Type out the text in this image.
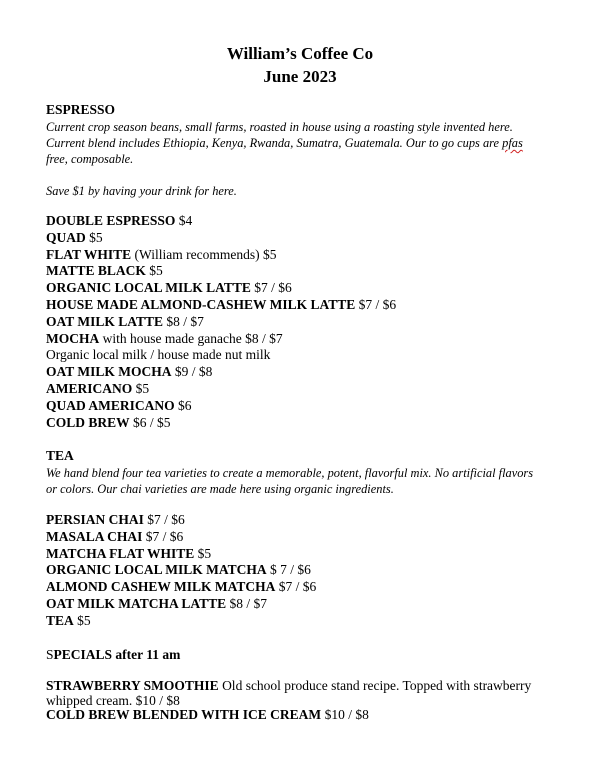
William’s Coffee Co
June 2023
ESPRESSO
Current crop season beans, small farms, roasted in house using a roasting style invented here. Current blend includes Ethiopia, Kenya, Rwanda, Sumatra, Guatemala. Our to go cups are pfas free, composable.
Save $1 by having your drink for here.
DOUBLE ESPRESSO $4
QUAD $5
FLAT WHITE (William recommends) $5
MATTE BLACK $5
ORGANIC LOCAL MILK LATTE $7 / $6
HOUSE MADE ALMOND-CASHEW MILK LATTE $7 / $6
OAT MILK LATTE $8 / $7
MOCHA with house made ganache $8 / $7
Organic local milk / house made nut milk
OAT MILK MOCHA $9 / $8
AMERICANO $5
QUAD AMERICANO $6
COLD BREW $6 / $5
TEA
We hand blend four tea varieties to create a memorable, potent, flavorful mix. No artificial flavors or colors. Our chai varieties are made here using organic ingredients.
PERSIAN CHAI $7 / $6
MASALA CHAI $7 / $6
MATCHA FLAT WHITE $5
ORGANIC LOCAL MILK MATCHA $ 7 / $6
ALMOND CASHEW MILK MATCHA $7 / $6
OAT MILK MATCHA LATTE $8 / $7
TEA $5
SPECIALS after 11 am
STRAWBERRY SMOOTHIE Old school produce stand recipe. Topped with strawberry whipped cream. $10 / $8
COLD BREW BLENDED WITH ICE CREAM $10 / $8
